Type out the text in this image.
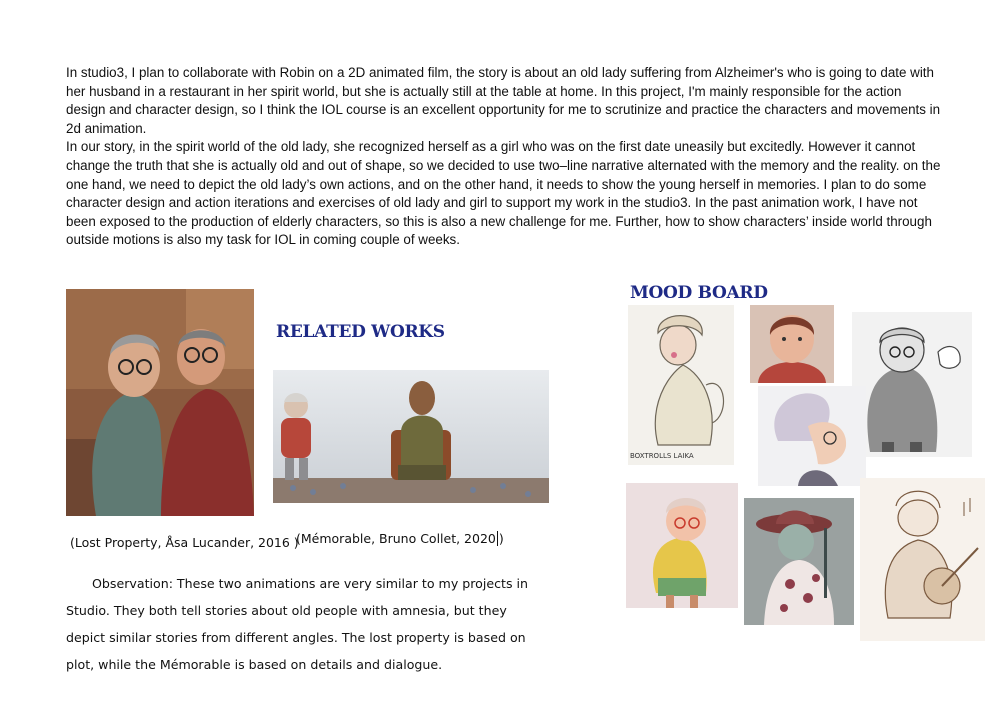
In studio3, I plan to collaborate with Robin on a 2D animated film, the story is about an old lady suffering from Alzheimer's who is going to date with her husband in a restaurant in her spirit world, but she is actually still at the table at home. In this project, I'm mainly responsible for the action design and character design, so I think the IOL course is an excellent opportunity for me to scrutinize and practice the characters and movements in 2d animation.

In our story, in the spirit world of the old lady, she recognized herself as a girl who was on the first date uneasily but excitedly. However it cannot change the truth that she is actually old and out of shape, so we decided to use two–line narrative alternated with the memory and the reality. on the one hand, we need to depict the old lady’s own actions, and on the other hand, it needs to show the young herself in memories. I plan to do some character design and action iterations and exercises of old lady and girl to support my work in the studio3. In the past animation work, I have not been exposed to the production of elderly characters, so this is also a new challenge for me. Further, how to show characters’ inside world through outside motions is also my task for IOL in coming couple of weeks.

RELATED WORKS
(Lost Property, Åsa Lucander, 2016 )
(Mémorable, Bruno Collet, 2020 )

Observation: These two animations are very similar to my projects in Studio. They both tell stories about old people with amnesia, but they depict similar stories from different angles. The lost property is based on plot, while the Mémorable is based on details and dialogue.

MOOD BOARD
BOXTROLLS LAIKA
